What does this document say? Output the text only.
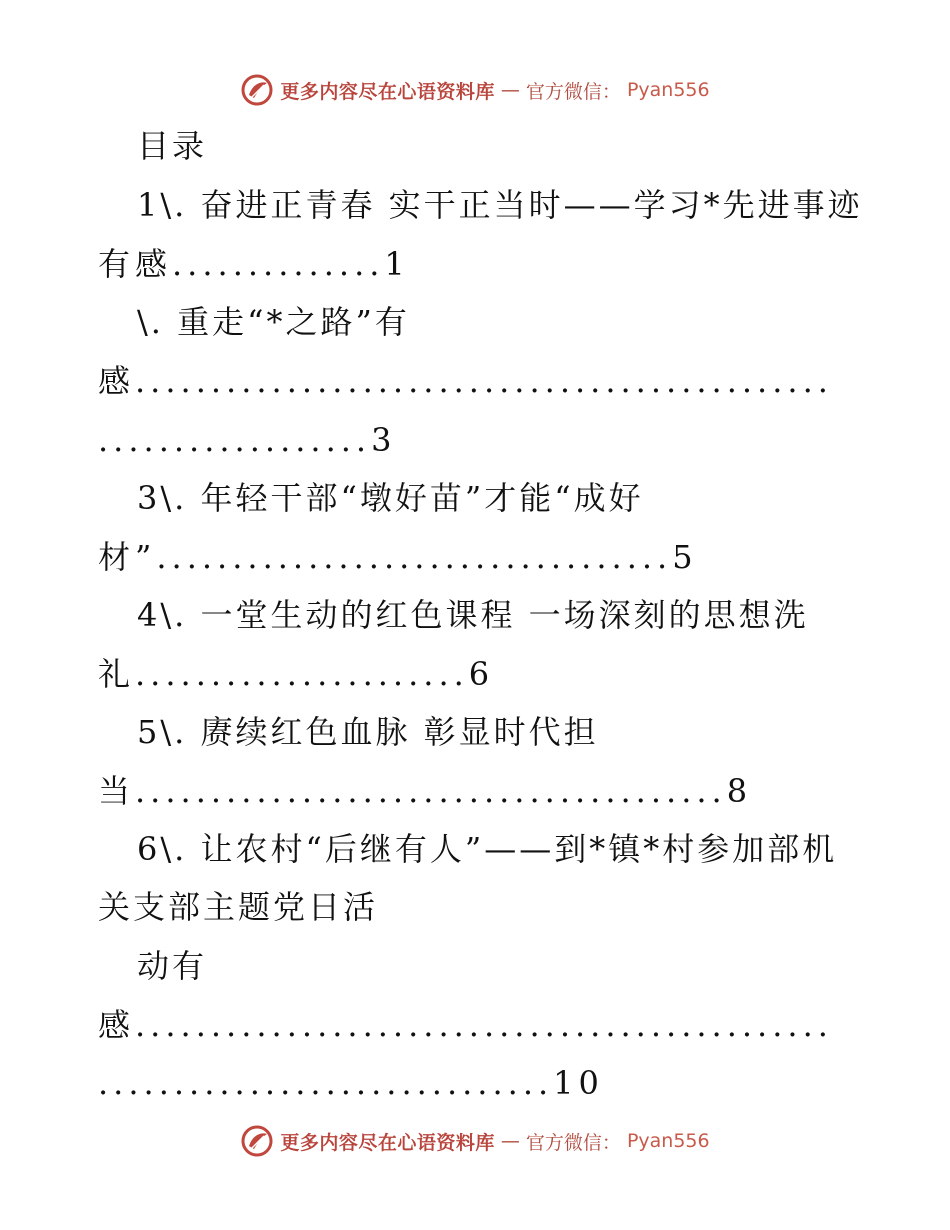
更多内容尽在心语资料库 — 官方微信： Pyan556
目录
1\. 奋进正青春 实干正当时——学习*先进事迹
有感..............1
\. 重走“*之路”有
感..............................................
..................3
3\. 年轻干部“墩好苗”才能“成好
材”..................................5
4\. 一堂生动的红色课程 一场深刻的思想洗
礼......................6
5\. 赓续红色血脉 彰显时代担
当.......................................8
6\. 让农村“后继有人”——到*镇*村参加部机
关支部主题党日活
动有
感..............................................
..............................10
更多内容尽在心语资料库 — 官方微信： Pyan556
